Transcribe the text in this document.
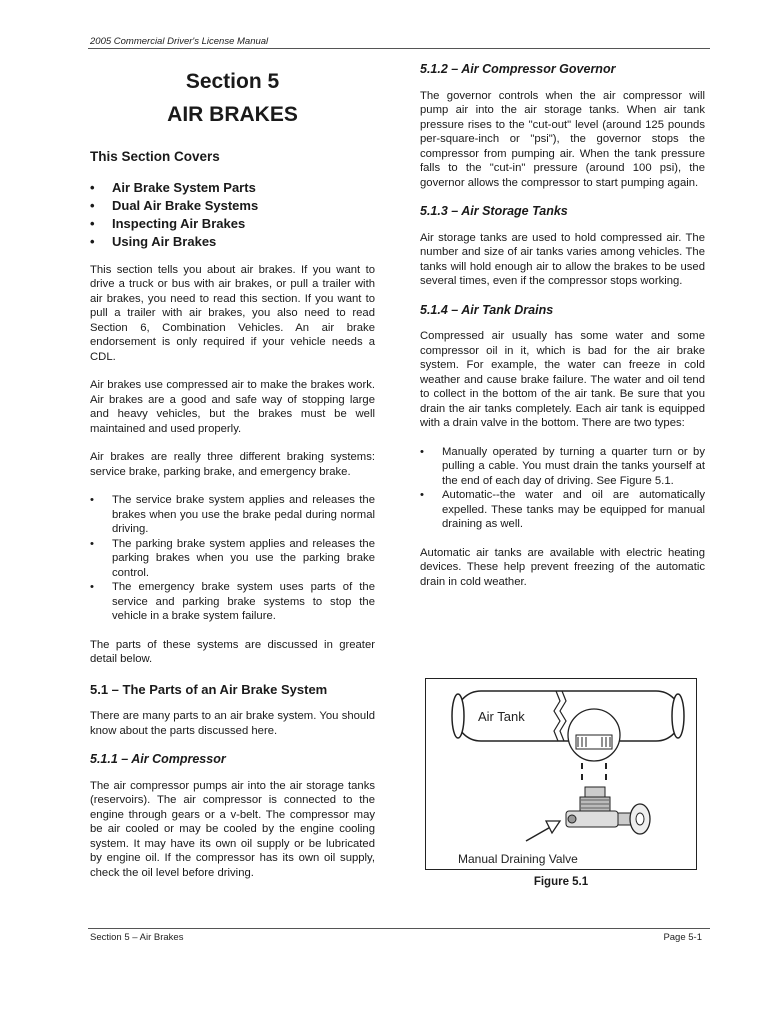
2005 Commercial Driver's License Manual
Section 5
AIR BRAKES
This Section Covers
• Air Brake System Parts
• Dual Air Brake Systems
• Inspecting Air Brakes
• Using Air Brakes

This section tells you about air brakes. If you want to drive a truck or bus with air brakes, or pull a trailer with air brakes, you need to read this section. If you want to pull a trailer with air brakes, you also need to read Section 6, Combination Vehicles. An air brake endorsement is only required if your vehicle needs a CDL.

Air brakes use compressed air to make the brakes work. Air brakes are a good and safe way of stopping large and heavy vehicles, but the brakes must be well maintained and used properly.

Air brakes are really three different braking systems: service brake, parking brake, and emergency brake.

• The service brake system applies and releases the brakes when you use the brake pedal during normal driving.
• The parking brake system applies and releases the parking brakes when you use the parking brake control.
• The emergency brake system uses parts of the service and parking brake systems to stop the vehicle in a brake system failure.

The parts of these systems are discussed in greater detail below.

5.1 – The Parts of an Air Brake System

There are many parts to an air brake system. You should know about the parts discussed here.

5.1.1 – Air Compressor

The air compressor pumps air into the air storage tanks (reservoirs). The air compressor is connected to the engine through gears or a v-belt. The compressor may be air cooled or may be cooled by the engine cooling system. It may have its own oil supply or be lubricated by engine oil. If the compressor has its own oil supply, check the oil level before driving.

5.1.2 – Air Compressor Governor

The governor controls when the air compressor will pump air into the air storage tanks. When air tank pressure rises to the "cut-out" level (around 125 pounds per-square-inch or "psi"), the governor stops the compressor from pumping air. When the tank pressure falls to the "cut-in" pressure (around 100 psi), the governor allows the compressor to start pumping again.

5.1.3 – Air Storage Tanks

Air storage tanks are used to hold compressed air. The number and size of air tanks varies among vehicles. The tanks will hold enough air to allow the brakes to be used several times, even if the compressor stops working.

5.1.4 – Air Tank Drains

Compressed air usually has some water and some compressor oil in it, which is bad for the air brake system. For example, the water can freeze in cold weather and cause brake failure. The water and oil tend to collect in the bottom of the air tank. Be sure that you drain the air tanks completely. Each air tank is equipped with a drain valve in the bottom. There are two types:

• Manually operated by turning a quarter turn or by pulling a cable. You must drain the tanks yourself at the end of each day of driving. See Figure 5.1.
• Automatic--the water and oil are automatically expelled. These tanks may be equipped for manual draining as well.

Automatic air tanks are available with electric heating devices. These help prevent freezing of the automatic drain in cold weather.

Air Tank
Manual Draining Valve
Figure 5.1
Section 5 – Air Brakes	Page 5-1
